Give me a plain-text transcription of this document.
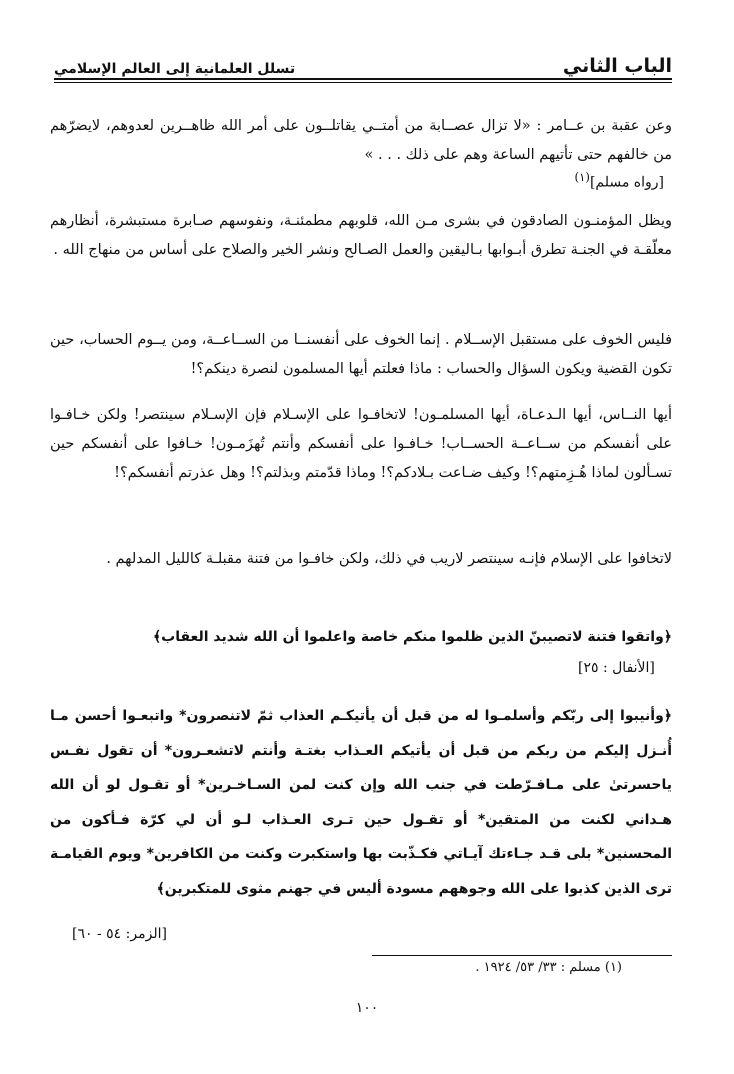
الباب الثاني
تسلل العلمانية إلى العالم الإسلامي
وعن عقبة بن عــامر : «لا تزال عصــابة من أمتــي يقاتلــون على أمر الله ظاهــرين لعدوهم، لايضرّهم من خالفهم حتى تأتيهم الساعة وهم على ذلك . . . »
[رواه مسلم]$^{(١)}$
ويظل المؤمنـون الصادقون في بشرى مـن الله، قلوبهم مطمئنـة، ونفوسهم صـابرة مستبشرة، أنظارهم معلّقـة في الجنـة تطرق أبـوابها بـاليقين والعمل الصـالح ونشر الخير والصلاح على أساس من منهاج الله .
فليس الخوف على مستقبل الإســلام . إنما الخوف على أنفسنــا من الســاعــة، ومن يــوم الحساب، حين تكون القضية ويكون السؤال والحساب : ماذا فعلتم أيها المسلمون لنصرة دينكم؟!
أيها النــاس، أيها الـدعـاة، أيها المسلمـون! لاتخافـوا على الإسـلام فإن الإسـلام سينتصر! ولكن خـافـوا على أنفسكم من ســاعــة الحســاب! خـافـوا على أنفسكم وأنتم تُهزَمـون! خـافوا على أنفسكم حين تسـألون لماذا هُـزِمتهم؟! وكيف ضـاعت بـلادكم؟! وماذا قدّمتم وبذلتم؟! وهل عذرتم أنفسكم؟!
لاتخافوا على الإسلام فإنـه سينتصر لاريب في ذلك، ولكن خافـوا من فتنة مقبلـة كالليل المدلهم .
﴿واتقوا فتنة لاتصيبنّ الذين ظلموا منكم خاصة واعلموا أن الله شديد العقاب﴾
[الأنفال : ٢٥]
﴿وأنيبوا إلى ربّكم وأسلمـوا له من قبل أن يأتيكـم العذاب ثمّ لاتنصرون* واتبعـوا أحسن مـا أُنـزل إليكم من ربكم من قبل أن يأتيكم العـذاب بغتـة وأنتم لاتشعـرون* أن تقول نفـس ياحسرتىٰ على مـافـرّطت في جنب الله وإن كنت لمن السـاخـرين* أو تقـول لو أن الله هـداني لكنت من المتقين* أو تقـول حين تـرى العـذاب لـو أن لي كرّة فـأكون من المحسنين* بلى قـد جـاءتك آيـاتي فكـذّبت بها واستكبرت وكنت من الكافرين* ويوم القيامـة ترى الذين كذبوا على الله وجوههم مسودة أليس في جهنم مثوى للمتكبرين﴾
[الزمر: ٥٤ - ٦٠]
(١) مسلم : ٣٣/ ٥٣/ ١٩٢٤ .
١٠٠
